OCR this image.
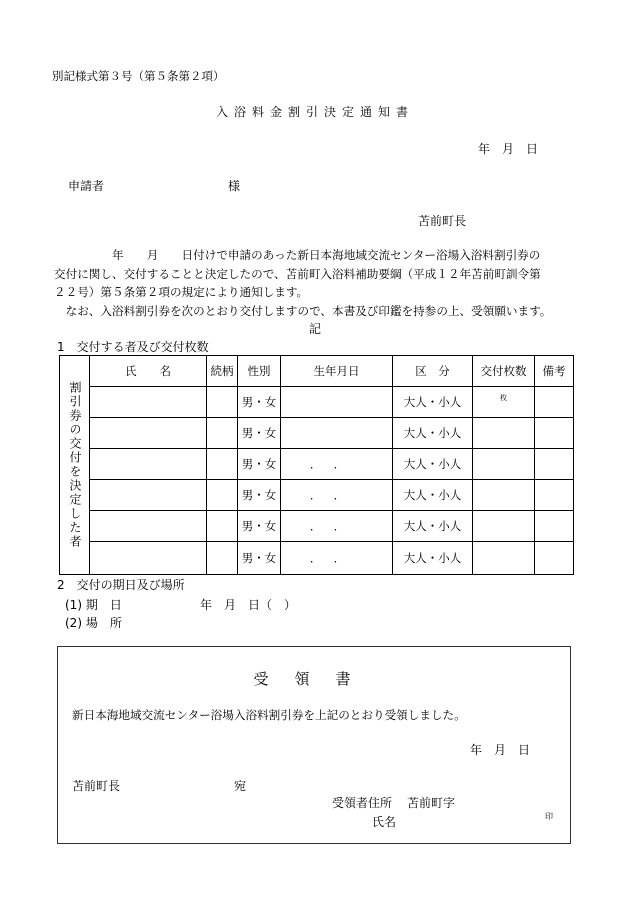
別記様式第３号（第５条第２項）
入浴料金割引決定通知書
年　月　日
申請者	様
苫前町長

　　　　　年　　月　　日付けで申請のあった新日本海地域交流センター浴場入浴料割引券の

交付に関し、交付することと決定したので、苫前町入浴料補助要綱（平成１２年苫前町訓令第

２２号）第５条第２項の規定により通知します。

　なお、入浴料割引券を次のとおり交付しますので、本書及び印鑑を持参の上、受領願います。

記
1　交付する者及び交付枚数
割引券の交付を決定した者	氏　　名	続柄	性別	生年月日	区　分	交付枚数	備考
			男・女		大人・小人	$^枚$	
			男・女		大人・小人		
			男・女	．．	大人・小人		
			男・女	．．	大人・小人		
			男・女	．．	大人・小人		
			男・女	．．	大人・小人		
2　交付の期日及び場所
(1) 期　日	年　月　日（　）
(2) 場　所
受領書
新日本海地域交流センター浴場入浴料割引券を上記のとおり受領しました。
年　月　日
苫前町長	宛
受領者住所 苫前町字
氏名	印
